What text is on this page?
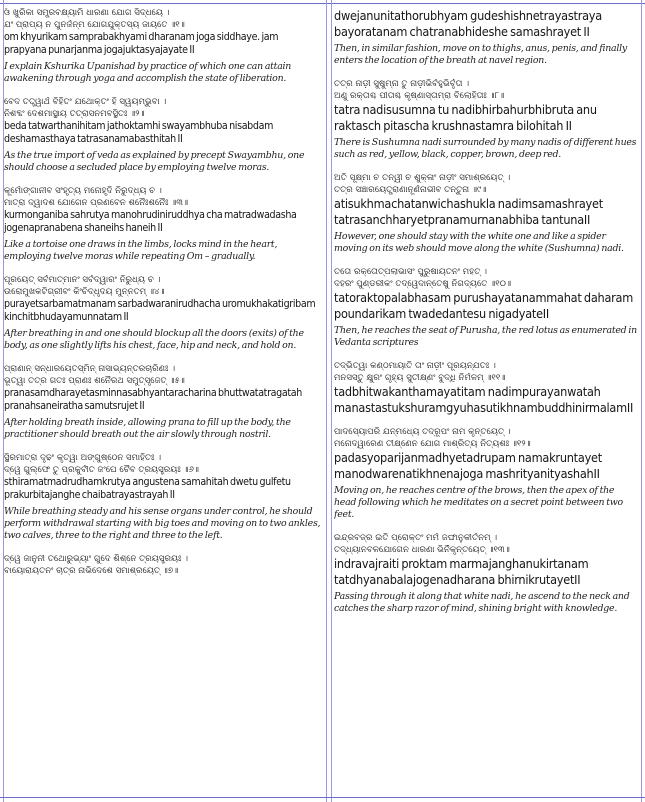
ଓଁ ଖୁରିକା ସମ୍ପ୍ରବକ୍ଷ୍ୟାମି ଧାରଣା ଯୋଗ ସିଦ୍ଧୟେ ।
ଯଂ ପ୍ରାପ୍ୟ ନ ପୁନର୍ଜନ୍ମ ଯୋଗଯୁକ୍ତସ୍ୟ ଜାୟତେ ॥୧॥
om khyurikam samprabakhyami dharanam joga siddhaye. jam prapyana punarjanma jogajuktasyajayate II
I explain Kshurika Upanishad by practice of which one can attain awakening through yoga and accomplish the state of liberation.
ବେଦ ତତ୍ତ୍ୱାର୍ଥ ବିହିତଂ ଯଥୋକ୍ତଂ ହି ସ୍ୱୟମ୍ଭୁବା ।
ନିଶବ୍ଦଂ ଦେଶମାସ୍ଥାୟ ତତ୍ରାସନମବସ୍ଥିତଃ ॥୨॥
beda tatwarthanihitam jathoktamhi swayambhuba nisabdam deshamasthaya tatrasanamabasthitah II
As the true import of veda as explained by precept Swayambhu, one should choose a secluded place by employing twelve moras.
କୂର୍ମୋଙ୍ଗାନୀବ ସଂହୃତ୍ୟ ମନୋହୃଦି ନିରୁଦ୍ଧ୍ୟ ଚ ।
ମାତ୍ରା ଦ୍ୱାଦଶ ଯୋଗେନ ପ୍ରଣବେନ ଶନୈଃଶନୈଃ ॥୩॥
kurmonganiba sahrutya manohrudiniruddhya cha matradwadasha jogenapranabena shaneihs haneih II
Like a tortoise one draws in the limbs, locks mind in the heart, employing twelve moras while repeating Om – gradually.
ପୂରୟେତ୍ ସର୍ବମାତ୍ମାନଂ ସର୍ବଦ୍ୱାରଂ ନିରୁଧ୍ୟ ଚ ।
ଉରୋମୁଖକଟିଗ୍ରୀବଂ କିଂଚିଦ୍ଧୃଦୟ ମୁନ୍ନତମ୍ ॥୪॥
purayetsarbamatmanam sarbadwaranirudhacha uromukhakatigribam kinchitbhudayamunnatam II
After breathing in and one should blockup all the doors (exits) of the body, as one slightly lifts his chest, face, hip and neck, and hold on.
ପ୍ରାଣାନ୍ ସନ୍ଧାରୟେତସ୍ମିନ୍ ନାସାଭ୍ୟନ୍ତରଚାରିଣଃ ।
ଭୂତ୍ୱା ତତ୍ର ଗତଃ ପ୍ରାଣଃ ଶନୈରଥ ସମୁତ୍ସୃଜେତ୍ ॥୫॥
pranasamdharayetasminnasabhyantaracharina bhuttwatatragatah pranahsaneiratha samutsrujet II
After holding breath inside, allowing prana to fill up the body, the practitioner should breath out the air slowly through nostril.
ସ୍ଥିରମାତ୍ରା ଦୃଢଂ କୃତ୍ୱା ଅଙ୍ଗୁଷ୍ଠେନ ସମାହିତଃ ।
ଦ୍ୱେ ଗୁଲ୍ଫେ ତୁ ପ୍ରକୁର୍ବୀତ ଜଂଘେ ଚୈବ ତ୍ରୟସ୍ତ୍ରୟଃ ॥୬॥
sthiramatmadrudhamkrutya angustena samahitah dwetu gulfetu prakurbitajanghe chaibatrayastrayah II
While breathing steady and his sense organs under control, he should perform withdrawal starting with big toes and moving on to two ankles, two calves, three to the right and three to the left.
ଦ୍ୱେ ଜାନୁନୀ ତଥୋରୁଭ୍ୟାଂ ଗୁଦେ ଶିଶ୍ନେ ତ୍ରୟସ୍ତ୍ରୟଃ ।
ବାୟୋରାୟତନଂ ଚାତ୍ର ନାଭିଦେଶେ ସମାଶ୍ରୟେତ୍ ॥୭॥
dwejanunitathorubhyam gudeshishnetrayastraya bayoratanam chatranabhideshe samashrayet II
Then, in similar fashion, move on to thighs, anus, penis, and finally enters the location of the breath at navel region.
ତତ୍ର ନାଡ଼ୀ ସୁଷୁମ୍ନା ତୁ ନାଡ଼ୀଭିର୍ବହୁଭିର୍ବୃତା ।
ଅଣୁ ରକ୍ତାଶ୍ଚ ପୀତାଶ୍ଚ କୃଷ୍ଣାସ୍ତାମ୍ରା ବିଲୋହିତାଃ ॥୮॥
tatra nadisusumna tu nadibhirbahurbhibruta anu raktasch pitascha krushnastamra bilohitah II
There is Sushumna nadi surrounded by many nadis of different hues such as red, yellow, black, copper, brown, deep red.
ଅତି ସୂକ୍ଷ୍ମା ଚ ତନ୍ୱୀ ଚ ଶୁକ୍ଳାଂ ନାଡ଼ୀଂ ସମାଶ୍ରୟେତ୍ ।
ତତ୍ର ସଞ୍ଚାରୟେତ୍ପ୍ରାଣାନୂର୍ଣନାଭୀବ ତନ୍ତୁନା ॥୯॥
atisukhmachatanwichashukla nadimsamashrayet tatrasanchharyetpranamurnanabhiba tantunaII
However, one should stay with the white one and like a spider moving on its web should move along the white (Sushumna) nadi.
ତତୋ ରକ୍ତୋତ୍ପଲାଭାସଂ ପୁରୁଷାୟତନଂ ମହତ୍ ।
ଦହରଂ ପୁଣ୍ଡରୀକଂ ତଦ୍ୱେଦାନ୍ତେଷୁ ନିଗଦ୍ୟତେ ॥୧୦॥
tatoraktopalabhasam purushayatanammahat daharam poundarikam twadedantesu nigadyateII
Then, he reaches the seat of Purusha, the red lotus as enumerated in Vedanta scriptures
ତଦ୍ଭିତ୍ୱା କଣ୍ଠମାୟାତି ତାଂ ନାଡ଼ୀଂ ପୂରୟନ୍ଯତଃ ।
ମନସସ୍ତୁ କ୍ଷୁରଂ ଗୃହ୍ୟ ସୁତୀକ୍ଷ୍ଣଂ ବୁଦ୍ଧି ନିର୍ମଳମ୍ ॥୧୧॥
tadbhitwakanthamayatitam nadimpurayanwatah manastastukshuramgyuhasutikhnambuddhinirmalamII
ପାଦସ୍ୟୋପରି ଯନ୍ମଧ୍ୟେ ତଦ୍ରୂପଂ ନାମ କୃନ୍ତୟେତ୍ ।
ମନୋଦ୍ୱାରେଣ ତୀକ୍ଷ୍ଣେନ ଯୋଗ ମାଶ୍ରିତ୍ୟ ନିତ୍ୟଶଃ ॥୧୨॥
padasyoparijanmadhyetadrupam namakruntayet manodwarenatikhnenajoga mashrityanityashahII
Moving on, he reaches centre of the brows, then the apex of the head following which he meditates on a secret point between two feet.
ଇନ୍ଦ୍ରବଜ୍ର ଇତି ପ୍ରୋକ୍ତଂ ମର୍ମ ଜଙ୍ଘାନୁକୀର୍ତନମ୍ ।
ତଦ୍ଧ୍ୟାନବଳଯୋଗେନ ଧାରଣା ଭିର୍ନିକୃନ୍ତୟେତ୍ ॥୧୩॥
indravajraiti proktam marmajanghanukirtanam tatdhyanabalajogenadharana bhirnikrutayetII
Passing through it along that white nadi, he ascend to the neck and catches the sharp razor of mind, shining bright with knowledge.
